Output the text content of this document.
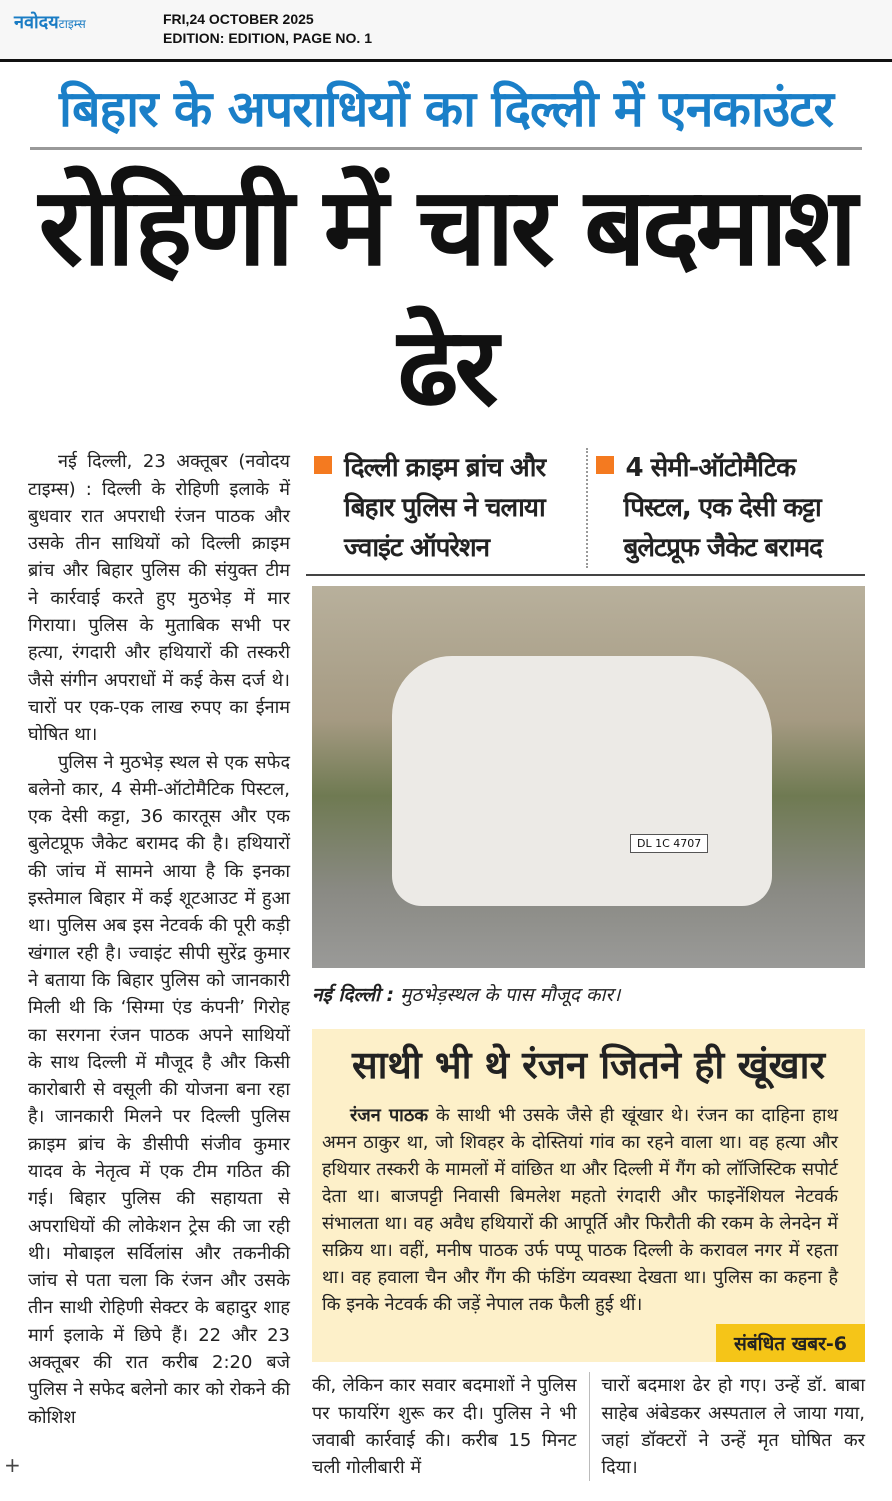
नवोदयटाइम्स	FRI,24 OCTOBER 2025
EDITION: EDITION, PAGE NO. 1
बिहार के अपराधियों का दिल्ली में एनकाउंटर
रोहिणी में चार बदमाश ढेर

नई दिल्ली, 23 अक्तूबर (नवोदय टाइम्स) : दिल्ली के रोहिणी इलाके में बुधवार रात अपराधी रंजन पाठक और उसके तीन साथियों को दिल्ली क्राइम ब्रांच और बिहार पुलिस की संयुक्त टीम ने कार्रवाई करते हुए मुठभेड़ में मार गिराया। पुलिस के मुताबिक सभी पर हत्या, रंगदारी और हथियारों की तस्करी जैसे संगीन अपराधों में कई केस दर्ज थे। चारों पर एक-एक लाख रुपए का ईनाम घोषित था।

पुलिस ने मुठभेड़ स्थल से एक सफेद बलेनो कार, 4 सेमी-ऑटोमैटिक पिस्टल, एक देसी कट्टा, 36 कारतूस और एक बुलेटप्रूफ जैकेट बरामद की है। हथियारों की जांच में सामने आया है कि इनका इस्तेमाल बिहार में कई शूटआउट में हुआ था। पुलिस अब इस नेटवर्क की पूरी कड़ी खंगाल रही है। ज्वाइंट सीपी सुरेंद्र कुमार ने बताया कि बिहार पुलिस को जानकारी मिली थी कि ‘सिग्मा एंड कंपनी’ गिरोह का सरगना रंजन पाठक अपने साथियों के साथ दिल्ली में मौजूद है और किसी कारोबारी से वसूली की योजना बना रहा है। जानकारी मिलने पर दिल्ली पुलिस क्राइम ब्रांच के डीसीपी संजीव कुमार यादव के नेतृत्व में एक टीम गठित की गई। बिहार पुलिस की सहायता से अपराधियों की लोकेशन ट्रेस की जा रही थी। मोबाइल सर्विलांस और तकनीकी जांच से पता चला कि रंजन और उसके तीन साथी रोहिणी सेक्टर के बहादुर शाह मार्ग इलाके में छिपे हैं। 22 और 23 अक्तूबर की रात करीब 2:20 बजे पुलिस ने सफेद बलेनो कार को रोकने की कोशिश

दिल्ली क्राइम ब्रांच और
बिहार पुलिस ने चलाया
ज्वाइंट ऑपरेशन
4 सेमी-ऑटोमैटिक
पिस्टल, एक देसी कट्टा
बुलेटप्रूफ जैकेट बरामद
DL 1C 4707
नई दिल्ली : मुठभेड़स्थल के पास मौजूद कार।
साथी भी थे रंजन जितने ही खूंखार
रंजन पाठक के साथी भी उसके जैसे ही खूंखार थे। रंजन का दाहिना हाथ अमन ठाकुर था, जो शिवहर के दोस्तियां गांव का रहने वाला था। वह हत्या और हथियार तस्करी के मामलों में वांछित था और दिल्ली में गैंग को लॉजिस्टिक सपोर्ट देता था। बाजपट्टी निवासी बिमलेश महतो रंगदारी और फाइनेंशियल नेटवर्क संभालता था। वह अवैध हथियारों की आपूर्ति और फिरौती की रकम के लेनदेन में सक्रिय था। वहीं, मनीष पाठक उर्फ पप्पू पाठक दिल्ली के करावल नगर में रहता था। वह हवाला चैन और गैंग की फंडिंग व्यवस्था देखता था। पुलिस का कहना है कि इनके नेटवर्क की जड़ें नेपाल तक फैली हुई थीं।
संबंधित खबर-6
की, लेकिन कार सवार बदमाशों ने पुलिस पर फायरिंग शुरू कर दी। पुलिस ने भी जवाबी कार्रवाई की। करीब 15 मिनट चली गोलीबारी में
चारों बदमाश ढेर हो गए। उन्हें डॉ. बाबा साहेब अंबेडकर अस्पताल ले जाया गया, जहां डॉक्टरों ने उन्हें मृत घोषित कर दिया।
+
